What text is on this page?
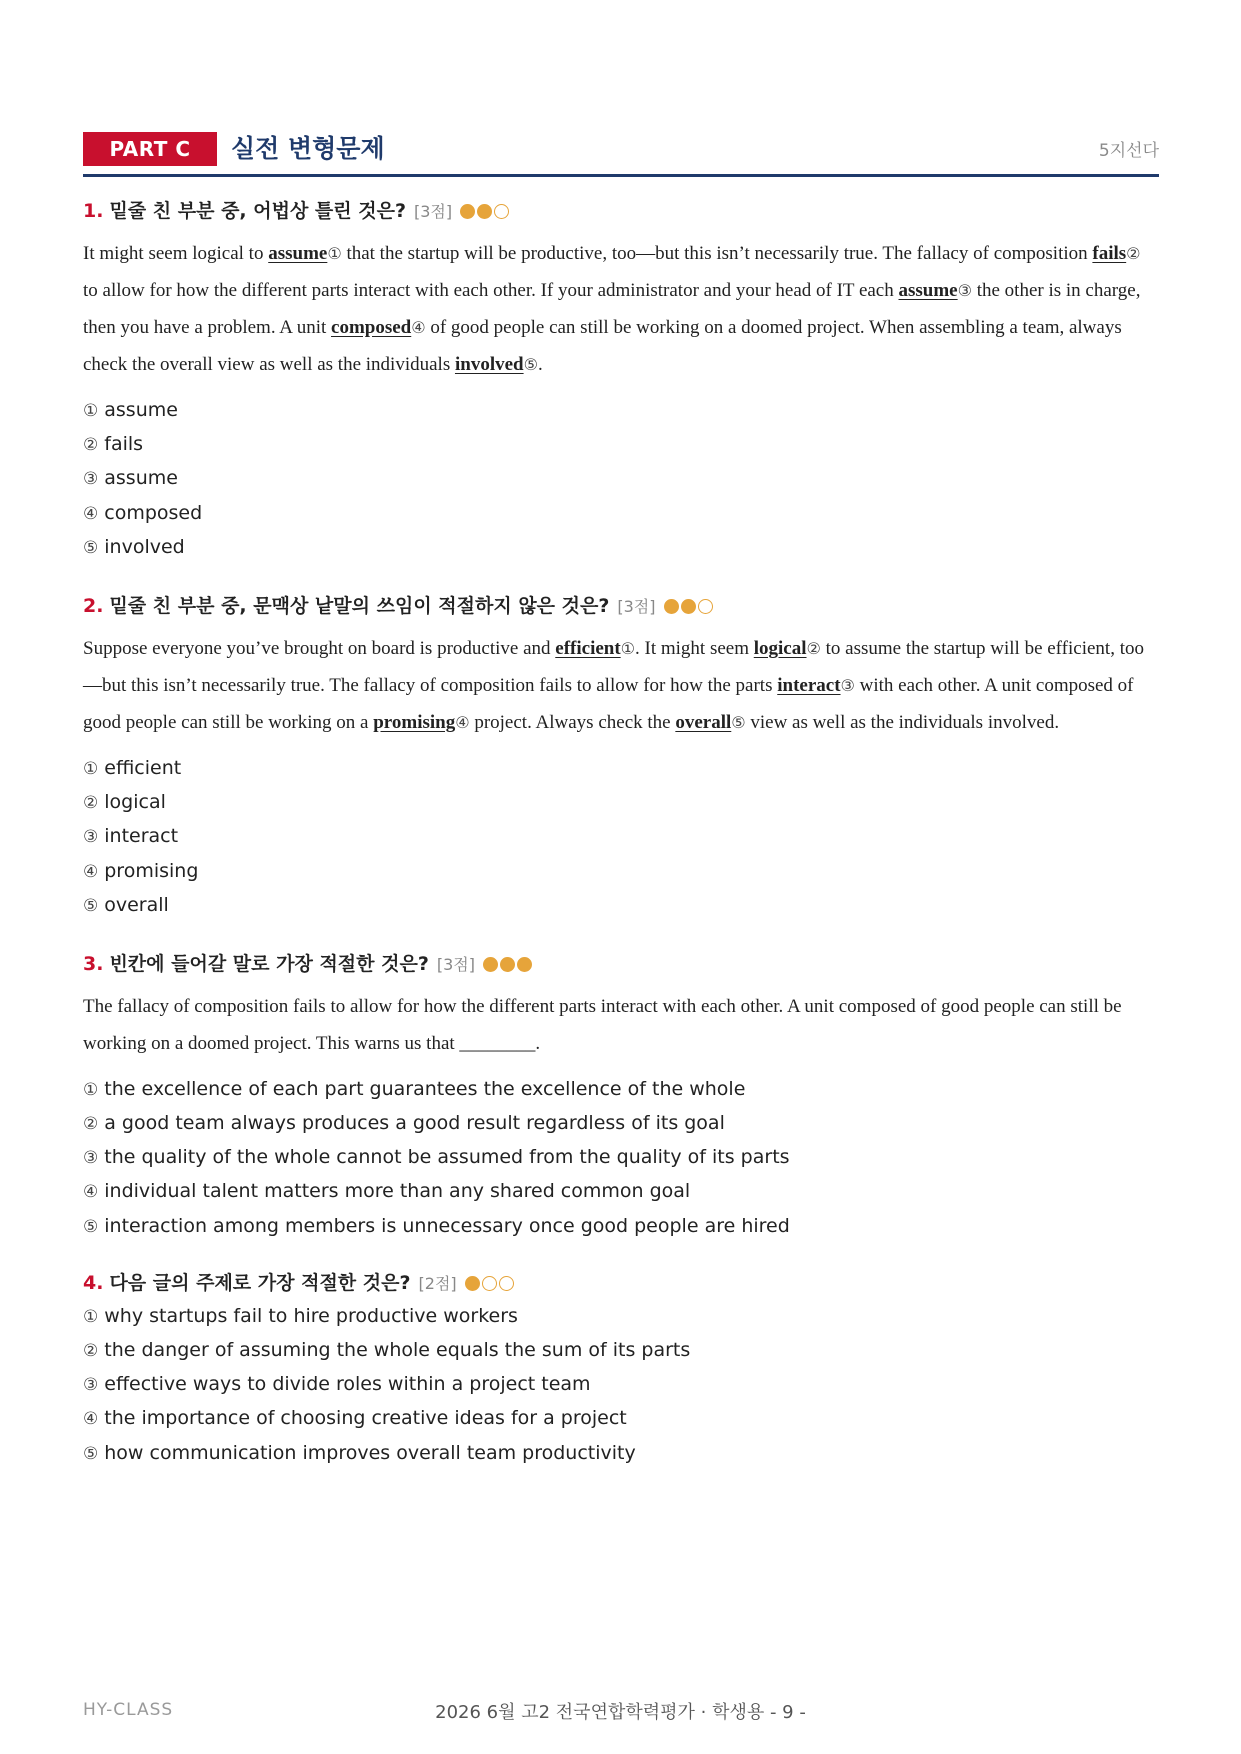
PART C	실전 변형문제	5지선다
1. 밑줄 친 부분 중, 어법상 틀린 것은? [3점]
It might seem logical to assume① that the startup will be productive, too—but this isn’t necessarily true. The fallacy of composition fails② to allow for how the different parts interact with each other. If your administrator and your head of IT each assume③ the other is in charge, then you have a problem. A unit composed④ of good people can still be working on a doomed project. When assembling a team, always check the overall view as well as the individuals involved⑤.
① assume
② fails
③ assume
④ composed
⑤ involved
2. 밑줄 친 부분 중, 문맥상 낱말의 쓰임이 적절하지 않은 것은? [3점]
Suppose everyone you’ve brought on board is productive and efficient①. It might seem logical② to assume the startup will be efficient, too—but this isn’t necessarily true. The fallacy of composition fails to allow for how the parts interact③ with each other. A unit composed of good people can still be working on a promising④ project. Always check the overall⑤ view as well as the individuals involved.
① efficient
② logical
③ interact
④ promising
⑤ overall
3. 빈칸에 들어갈 말로 가장 적절한 것은? [3점]
The fallacy of composition fails to allow for how the different parts interact with each other. A unit composed of good people can still be working on a doomed project. This warns us that ________.
① the excellence of each part guarantees the excellence of the whole
② a good team always produces a good result regardless of its goal
③ the quality of the whole cannot be assumed from the quality of its parts
④ individual talent matters more than any shared common goal
⑤ interaction among members is unnecessary once good people are hired
4. 다음 글의 주제로 가장 적절한 것은? [2점]
① why startups fail to hire productive workers
② the danger of assuming the whole equals the sum of its parts
③ effective ways to divide roles within a project team
④ the importance of choosing creative ideas for a project
⑤ how communication improves overall team productivity
HY-CLASS	2026 6월 고2 전국연합학력평가 · 학생용 - 9 -
